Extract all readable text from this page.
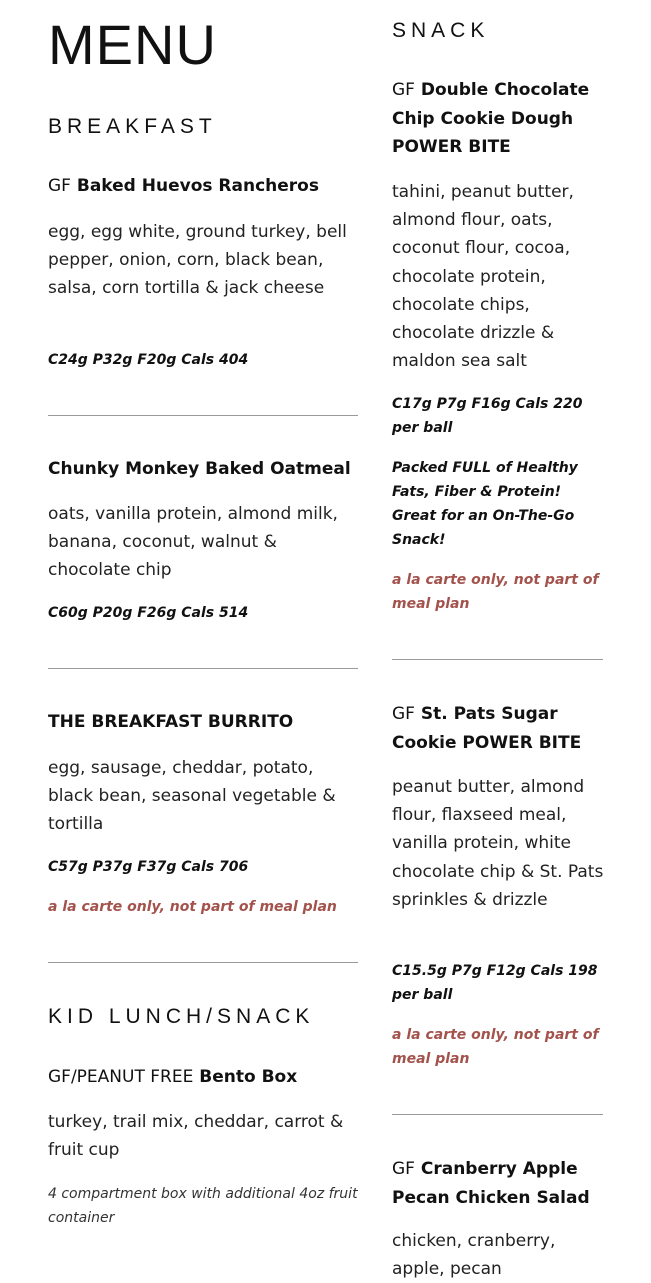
MENU
BREAKFAST

GF Baked Huevos Rancheros

egg, egg white, ground turkey, bell pepper, onion, corn, black bean, salsa, corn tortilla & jack cheese

C24g P32g F20g Cals 404

Chunky Monkey Baked Oatmeal

oats, vanilla protein, almond milk, banana, coconut, walnut & chocolate chip

C60g P20g F26g Cals 514

THE BREAKFAST BURRITO

egg, sausage, cheddar, potato, black bean, seasonal vegetable & tortilla

C57g P37g F37g Cals 706

a la carte only, not part of meal plan

KID LUNCH/SNACK

GF/PEANUT FREE Bento Box

turkey, trail mix, cheddar, carrot & fruit cup

4 compartment box with additional 4oz fruit container

SNACK

GF Double Chocolate Chip Cookie Dough POWER BITE

tahini, peanut butter, almond flour, oats, coconut flour, cocoa, chocolate protein, chocolate chips, chocolate drizzle & maldon sea salt

C17g P7g F16g Cals 220 per ball

Packed FULL of Healthy Fats, Fiber & Protein! Great for an On-The-Go Snack!

a la carte only, not part of meal plan

GF St. Pats Sugar Cookie POWER BITE

peanut butter, almond flour, flaxseed meal, vanilla protein, white chocolate chip & St. Pats sprinkles & drizzle

C15.5g P7g F12g Cals 198 per ball

a la carte only, not part of meal plan

GF Cranberry Apple Pecan Chicken Salad

chicken, cranberry, apple, pecan
